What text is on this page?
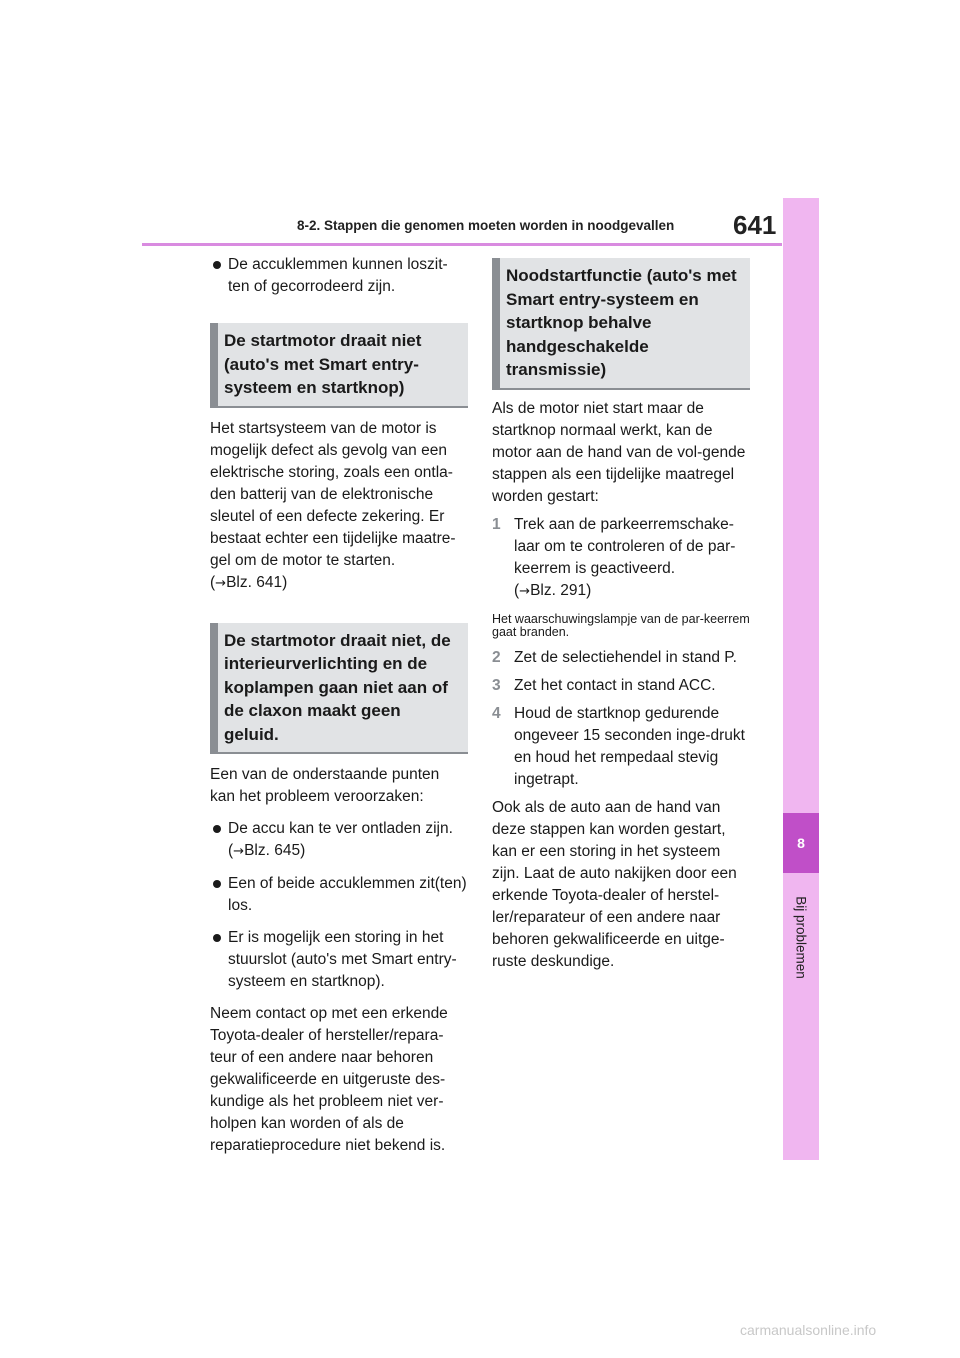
8-2. Stappen die genomen moeten worden in noodgevallen 641
8
Bij problemen

De accuklemmen kunnen loszit-ten of gecorrodeerd zijn.

De startmotor draait niet (auto's met Smart entry-systeem en startknop)

Het startsysteem van de motor is mogelijk defect als gevolg van een elektrische storing, zoals een ontla-den batterij van de elektronische sleutel of een defecte zekering. Er bestaat echter een tijdelijke maatre-gel om de motor te starten.

(→Blz. 641)

De startmotor draait niet, de interieurverlichting en de koplampen gaan niet aan of de claxon maakt geen geluid.

Een van de onderstaande punten kan het probleem veroorzaken:

De accu kan te ver ontladen zijn.
(→Blz. 645)

Een of beide accuklemmen zit(ten) los.

Er is mogelijk een storing in het stuurslot (auto's met Smart entry-systeem en startknop).

Neem contact op met een erkende Toyota-dealer of hersteller/repara-teur of een andere naar behoren gekwalificeerde en uitgeruste des-kundige als het probleem niet ver-holpen kan worden of als de reparatieprocedure niet bekend is.

Noodstartfunctie (auto's met Smart entry-systeem en startknop behalve handgeschakelde transmissie)

Als de motor niet start maar de startknop normaal werkt, kan de motor aan de hand van de vol-gende stappen als een tijdelijke maatregel worden gestart:

1 Trek aan de parkeerremschake-laar om te controleren of de par-keerrem is geactiveerd.
(→Blz. 291)

Het waarschuwingslampje van de par-keerrem gaat branden.

2 Zet de selectiehendel in stand P.

3 Zet het contact in stand ACC.

4 Houd de startknop gedurende ongeveer 15 seconden inge-drukt en houd het rempedaal stevig ingetrapt.

Ook als de auto aan de hand van deze stappen kan worden gestart, kan er een storing in het systeem zijn. Laat de auto nakijken door een erkende Toyota-dealer of herstel-ler/reparateur of een andere naar behoren gekwalificeerde en uitge-ruste deskundige.

carmanualsonline.info
